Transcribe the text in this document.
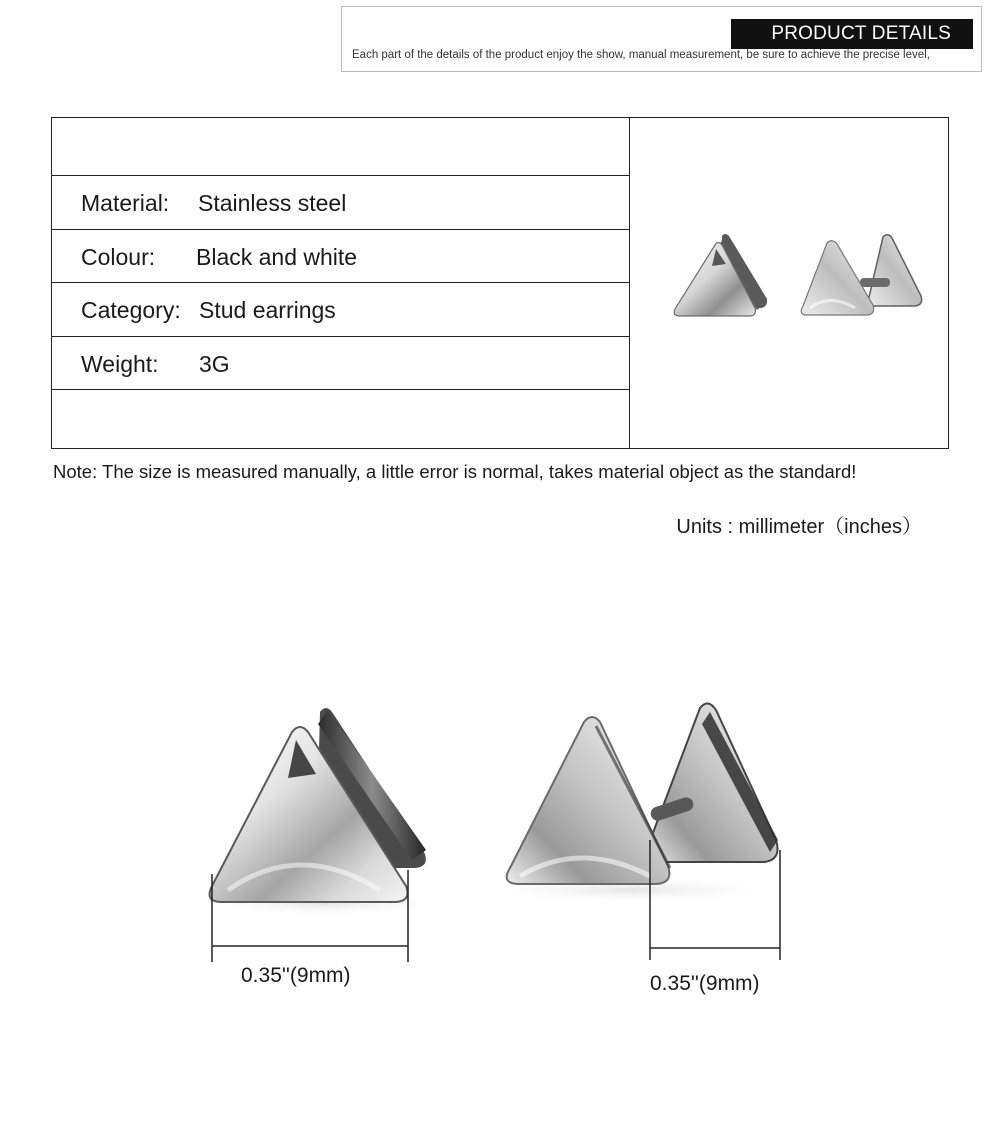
PRODUCT DETAILS
Each part of the details of the product enjoy the show, manual measurement, be sure to achieve the precise level,
Material: Stainless steel
Colour: Black and white
Category: Stud earrings
Weight: 3G
Note: The size is measured manually, a little error is normal, takes material object as the standard!
Units : millimeter（inches）
0.35''(9mm)	0.35''(9mm)
